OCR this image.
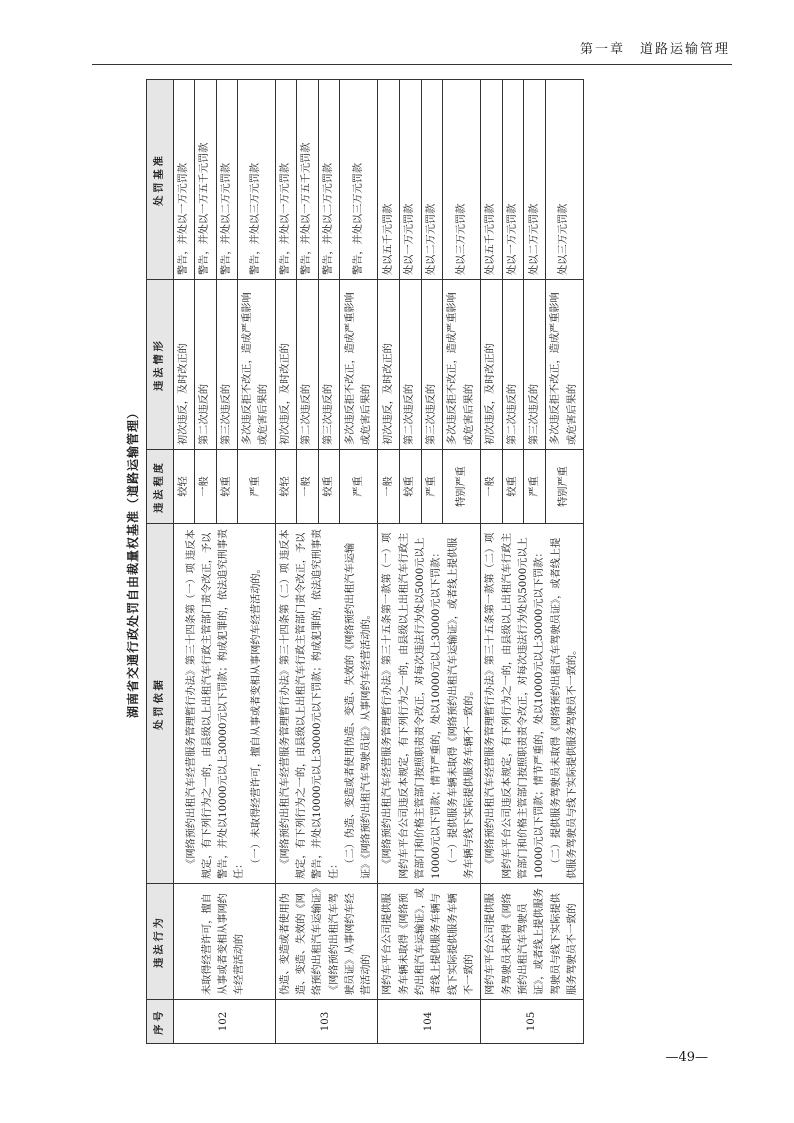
第一章　道路运输管理
湖南省交通行政处罚自由裁量权基准（道路运输管理）
序号	违法行为	处罚依据	违法程度	违法情形	处罚基准
102	未取得经营许可，擅自从事或者变相从事网约车经营活动的	《网络预约出租汽车经营服务管理暂行办法》第三十四条第（一）项 违反本规定，有下列行为之一的，由县级以上出租汽车行政主管部门责令改正，予以警告，并处以10000元以上30000元以下罚款；构成犯罪的，依法追究刑事责任： （一）未取得经营许可，擅自从事或者变相从事网约车经营活动的。	较轻	初次违反，及时改正的	警告，并处以一万元罚款
			一般	第二次违反的	警告，并处以一万五千元罚款
			较重	第三次违反的	警告，并处以二万元罚款
			严重	多次违反拒不改正，造成严重影响或危害后果的	警告，并处以三万元罚款
103	伪造、变造或者使用伪造、变造、失效的《网络预约出租汽车运输证》《网络预约出租汽车驾驶员证》从事网约车经营活动的	《网络预约出租汽车经营服务管理暂行办法》第三十四条第（二）项 违反本规定，有下列行为之一的，由县级以上出租汽车行政主管部门责令改正，予以警告，并处以10000元以上30000元以下罚款；构成犯罪的，依法追究刑事责任： （二）伪造、变造或者使用伪造、变造、失效的《网络预约出租汽车运输证》《网络预约出租汽车驾驶员证》从事网约车经营活动的。	较轻	初次违反，及时改正的	警告，并处以一万元罚款
			一般	第二次违反的	警告，并处以一万五千元罚款
			较重	第三次违反的	警告，并处以二万元罚款
			严重	多次违反拒不改正，造成严重影响或危害后果的	警告，并处以三万元罚款
104	网约车平台公司提供服务车辆未取得《网络预约出租汽车运输证》，或者线上提供服务车辆与线下实际提供服务车辆不一致的	《网络预约出租汽车经营服务管理暂行办法》第三十五条第一款第（一）项 网约车平台公司违反本规定，有下列行为之一的，由县级以上出租汽车行政主管部门和价格主管部门按照职责责令改正，对每次违法行为处以5000元以上10000元以下罚款；情节严重的，处以10000元以上30000元以下罚款： （一）提供服务车辆未取得《网络预约出租汽车运输证》，或者线上提供服务车辆与线下实际提供服务车辆不一致的。	一般	初次违反，及时改正的	处以五千元罚款
			较重	第二次违反的	处以一万元罚款
			严重	第三次违反的	处以二万元罚款
			特别严重	多次违反拒不改正，造成严重影响或危害后果的	处以三万元罚款
105	网约车平台公司提供服务驾驶员未取得《网络预约出租汽车驾驶员证》，或者线上提供服务驾驶员与线下实际提供服务驾驶员不一致的	《网络预约出租汽车经营服务管理暂行办法》第三十五条第一款第（二）项 网约车平台公司违反本规定，有下列行为之一的，由县级以上出租汽车行政主管部门和价格主管部门按照职责责令改正，对每次违法行为处以5000元以上10000元以下罚款；情节严重的，处以10000元以上30000元以下罚款： （二）提供服务驾驶员未取得《网络预约出租汽车驾驶员证》，或者线上提供服务驾驶员与线下实际提供服务驾驶员不一致的。	一般	初次违反，及时改正的	处以五千元罚款
			较重	第二次违反的	处以一万元罚款
			严重	第三次违反的	处以二万元罚款
			特别严重	多次违反拒不改正，造成严重影响或危害后果的	处以三万元罚款
—49—
